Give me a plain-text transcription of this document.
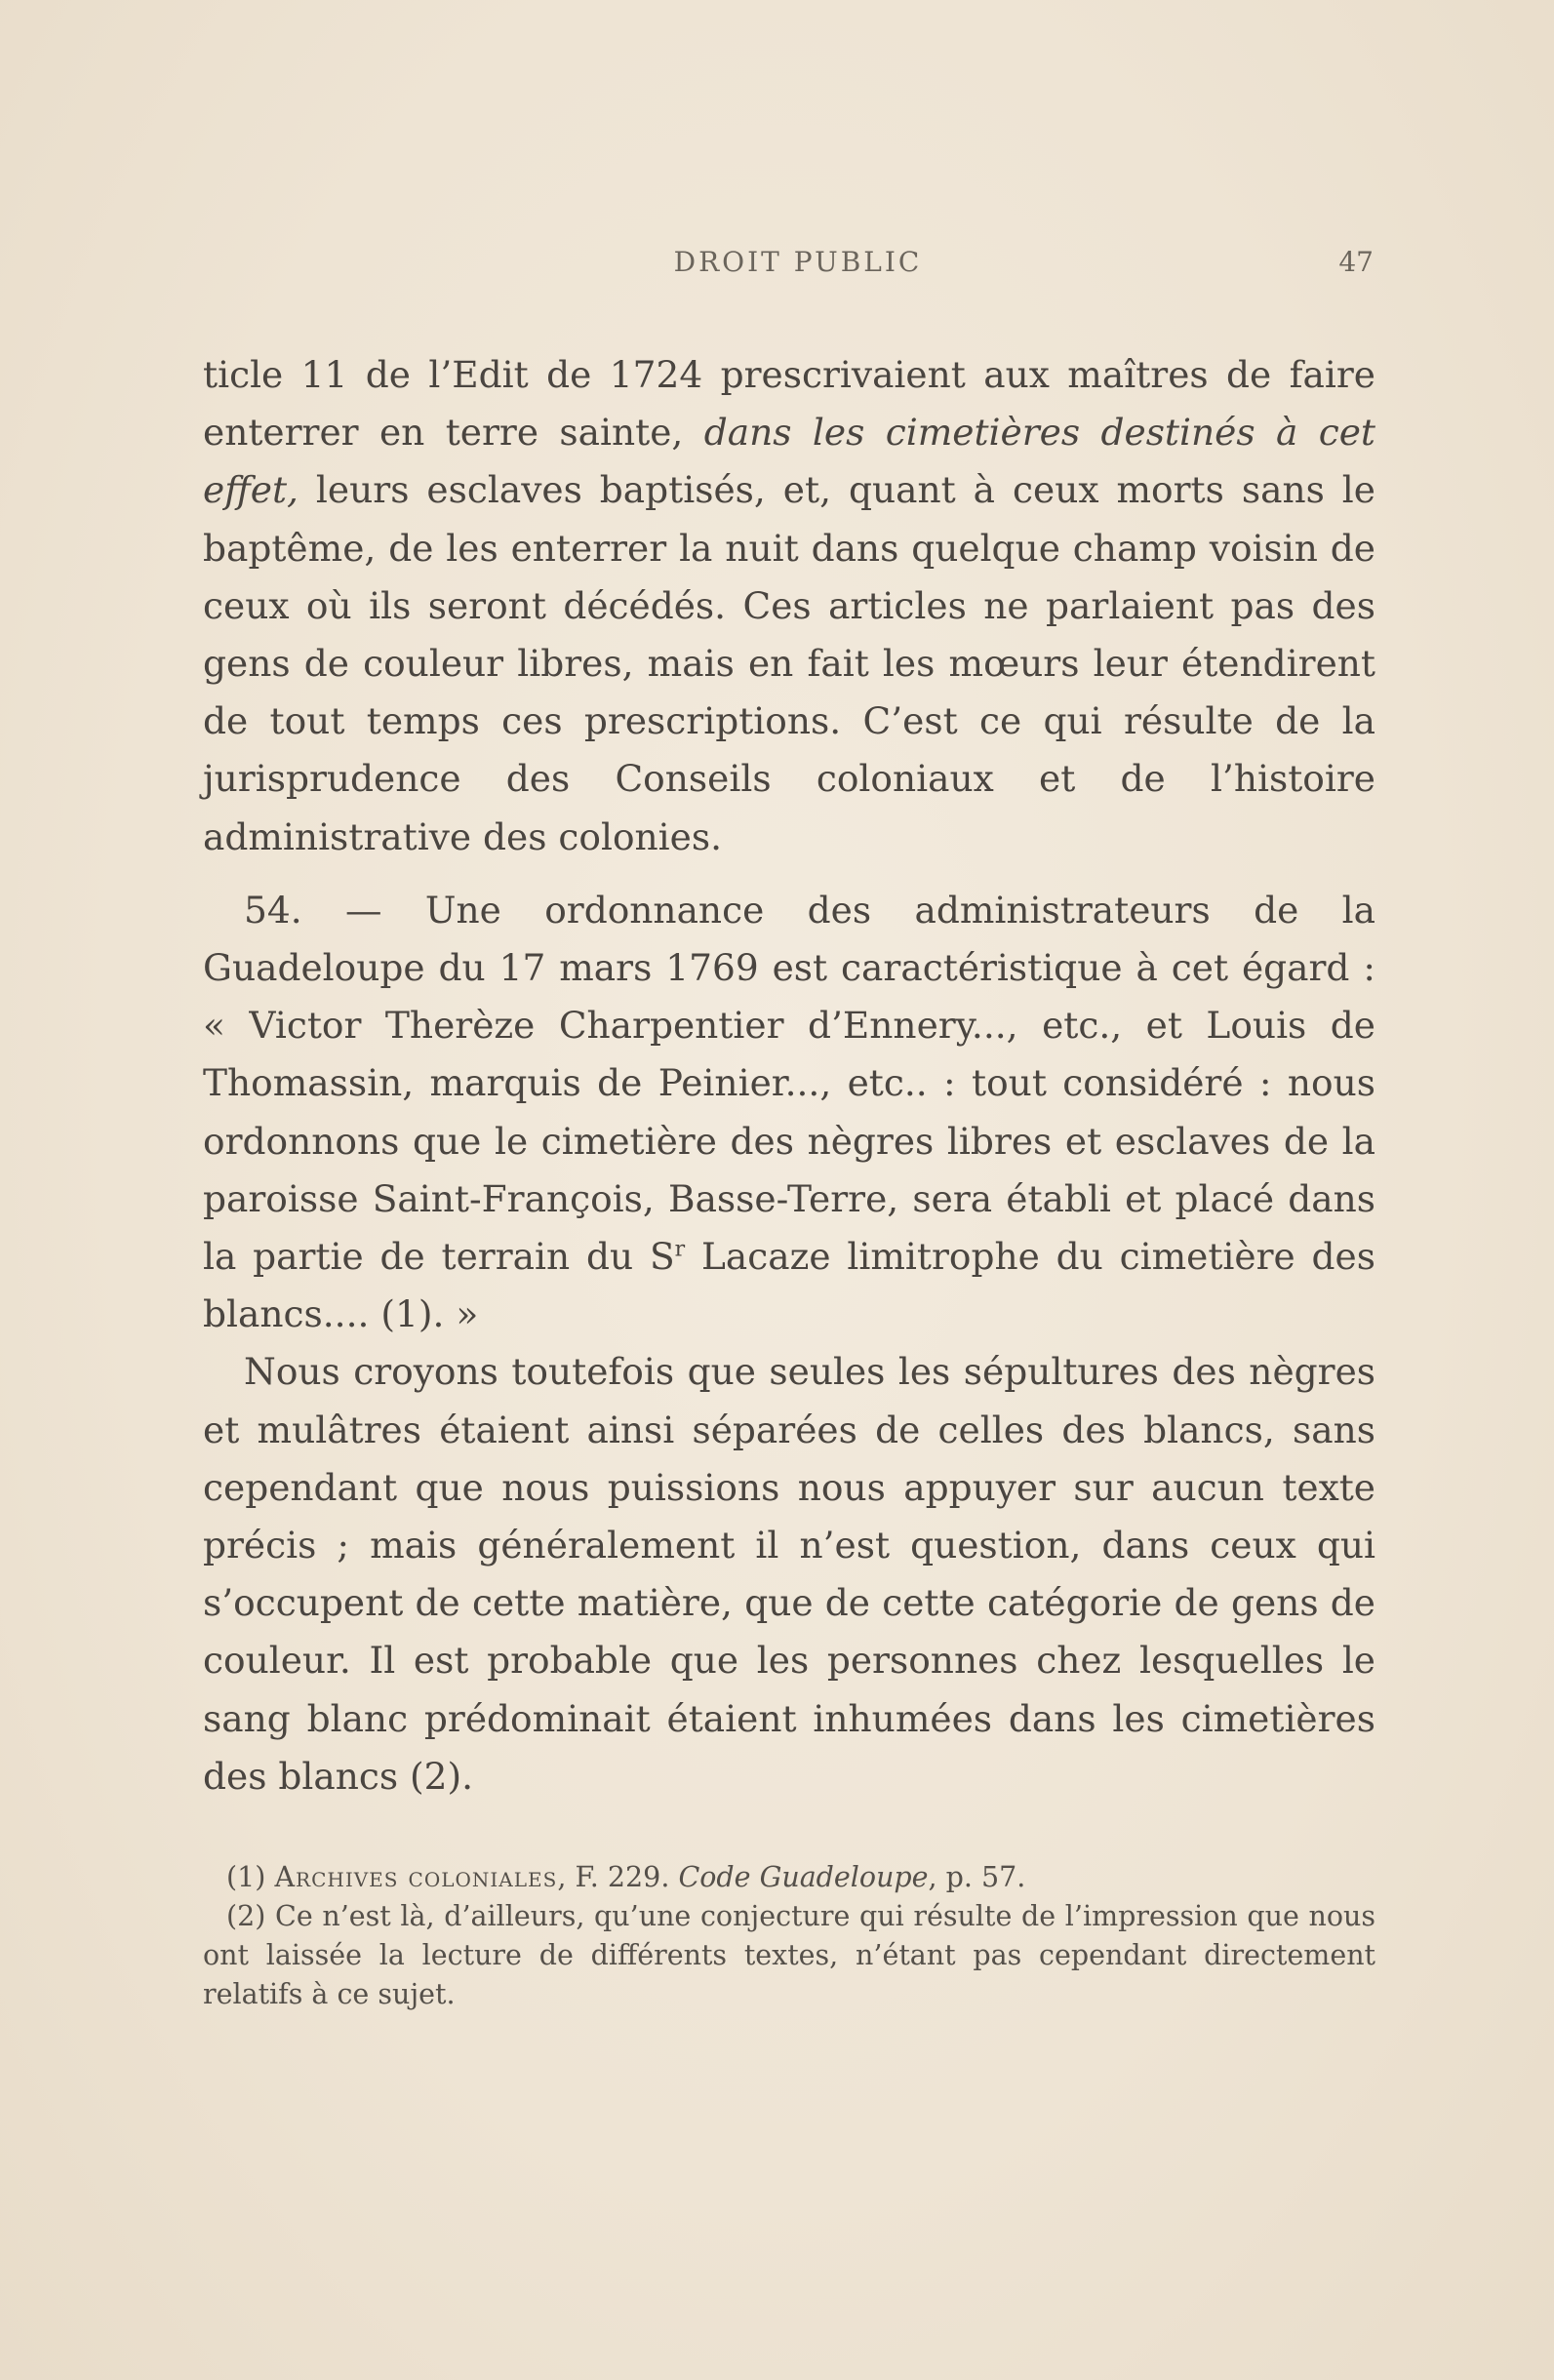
DROIT PUBLIC	47

ticle 11 de l’Edit de 1724 prescrivaient aux maîtres de faire enterrer en terre sainte, dans les cimetières destinés à cet effet, leurs esclaves baptisés, et, quant à ceux morts sans le baptême, de les enterrer la nuit dans quelque champ voisin de ceux où ils seront décédés. Ces articles ne parlaient pas des gens de couleur libres, mais en fait les mœurs leur étendirent de tout temps ces prescriptions. C’est ce qui résulte de la jurisprudence des Conseils coloniaux et de l’histoire administrative des colonies.

54. — Une ordonnance des administrateurs de la Guadeloupe du 17 mars 1769 est caractéristique à cet égard : « Victor Therèze Charpentier d’Ennery..., etc., et Louis de Thomassin, marquis de Peinier..., etc.. : tout considéré : nous ordonnons que le cimetière des nègres libres et esclaves de la paroisse Saint-François, Basse-Terre, sera établi et placé dans la partie de terrain du $S^r$ Lacaze limitrophe du cimetière des blancs.... (1). »

Nous croyons toutefois que seules les sépultures des nègres et mulâtres étaient ainsi séparées de celles des blancs, sans cependant que nous puissions nous appuyer sur aucun texte précis ; mais généralement il n’est question, dans ceux qui s’occupent de cette matière, que de cette catégorie de gens de couleur. Il est probable que les personnes chez lesquelles le sang blanc prédominait étaient inhumées dans les cimetières des blancs (2).

(1) Archives coloniales, F. 229. Code Guadeloupe, p. 57.

(2) Ce n’est là, d’ailleurs, qu’une conjecture qui résulte de l’impression que nous ont laissée la lecture de différents textes, n’étant pas cependant directement relatifs à ce sujet.
